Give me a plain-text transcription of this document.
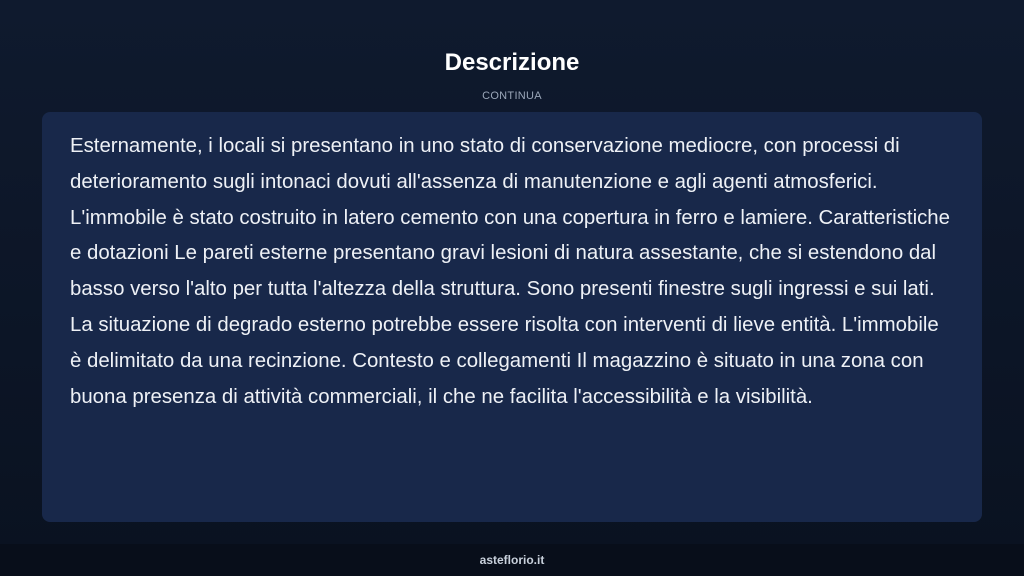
Descrizione
CONTINUA

Esternamente, i locali si presentano in uno stato di conservazione mediocre, con processi di deterioramento sugli intonaci dovuti all'assenza di manutenzione e agli agenti atmosferici. L'immobile è stato costruito in latero cemento con una copertura in ferro e lamiere. Caratteristiche e dotazioni Le pareti esterne presentano gravi lesioni di natura assestante, che si estendono dal basso verso l'alto per tutta l'altezza della struttura. Sono presenti finestre sugli ingressi e sui lati. La situazione di degrado esterno potrebbe essere risolta con interventi di lieve entità. L'immobile è delimitato da una recinzione. Contesto e collegamenti Il magazzino è situato in una zona con buona presenza di attività commerciali, il che ne facilita l'accessibilità e la visibilità.

asteflorio.it
